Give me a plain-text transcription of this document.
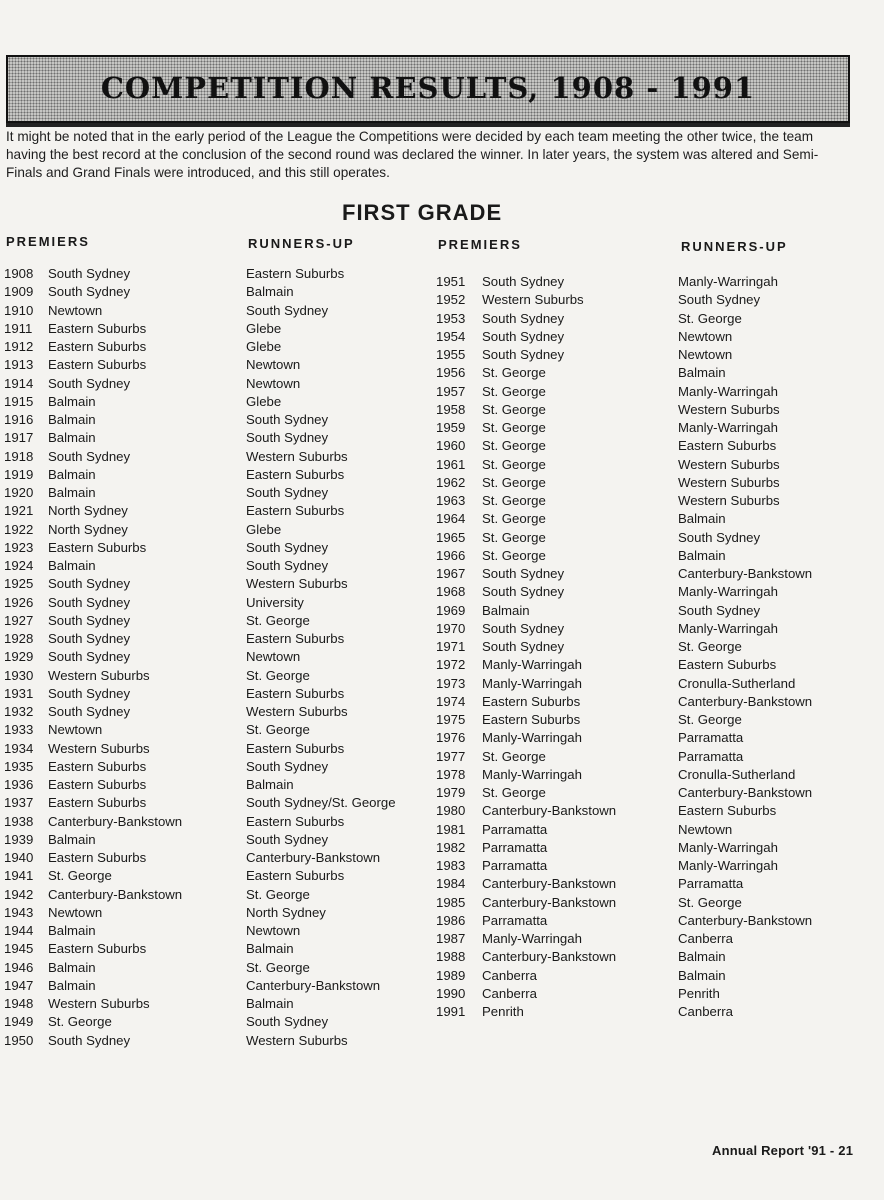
COMPETITION RESULTS, 1908 - 1991
It might be noted that in the early period of the League the Competitions were decided by each team meeting the other twice, the team having the best record at the conclusion of the second round was declared the winner. In later years, the system was altered and Semi-Finals and Grand Finals were introduced, and this still operates.
FIRST GRADE
PREMIERS	RUNNERS-UP	PREMIERS	RUNNERS-UP
1908 South Sydney	Eastern Suburbs
1909 South Sydney	Balmain
1910 Newtown	South Sydney
1911 Eastern Suburbs	Glebe
1912 Eastern Suburbs	Glebe
1913 Eastern Suburbs	Newtown
1914 South Sydney	Newtown
1915 Balmain	Glebe
1916 Balmain	South Sydney
1917 Balmain	South Sydney
1918 South Sydney	Western Suburbs
1919 Balmain	Eastern Suburbs
1920 Balmain	South Sydney
1921 North Sydney	Eastern Suburbs
1922 North Sydney	Glebe
1923 Eastern Suburbs	South Sydney
1924 Balmain	South Sydney
1925 South Sydney	Western Suburbs
1926 South Sydney	University
1927 South Sydney	St. George
1928 South Sydney	Eastern Suburbs
1929 South Sydney	Newtown
1930 Western Suburbs	St. George
1931 South Sydney	Eastern Suburbs
1932 South Sydney	Western Suburbs
1933 Newtown	St. George
1934 Western Suburbs	Eastern Suburbs
1935 Eastern Suburbs	South Sydney
1936 Eastern Suburbs	Balmain
1937 Eastern Suburbs	South Sydney/St. George
1938 Canterbury-Bankstown	Eastern Suburbs
1939 Balmain	South Sydney
1940 Eastern Suburbs	Canterbury-Bankstown
1941 St. George	Eastern Suburbs
1942 Canterbury-Bankstown	St. George
1943 Newtown	North Sydney
1944 Balmain	Newtown
1945 Eastern Suburbs	Balmain
1946 Balmain	St. George
1947 Balmain	Canterbury-Bankstown
1948 Western Suburbs	Balmain
1949 St. George	South Sydney
1950 South Sydney	Western Suburbs
1951 South Sydney	Manly-Warringah
1952 Western Suburbs	South Sydney
1953 South Sydney	St. George
1954 South Sydney	Newtown
1955 South Sydney	Newtown
1956 St. George	Balmain
1957 St. George	Manly-Warringah
1958 St. George	Western Suburbs
1959 St. George	Manly-Warringah
1960 St. George	Eastern Suburbs
1961 St. George	Western Suburbs
1962 St. George	Western Suburbs
1963 St. George	Western Suburbs
1964 St. George	Balmain
1965 St. George	South Sydney
1966 St. George	Balmain
1967 South Sydney	Canterbury-Bankstown
1968 South Sydney	Manly-Warringah
1969 Balmain	South Sydney
1970 South Sydney	Manly-Warringah
1971 South Sydney	St. George
1972 Manly-Warringah	Eastern Suburbs
1973 Manly-Warringah	Cronulla-Sutherland
1974 Eastern Suburbs	Canterbury-Bankstown
1975 Eastern Suburbs	St. George
1976 Manly-Warringah	Parramatta
1977 St. George	Parramatta
1978 Manly-Warringah	Cronulla-Sutherland
1979 St. George	Canterbury-Bankstown
1980 Canterbury-Bankstown	Eastern Suburbs
1981 Parramatta	Newtown
1982 Parramatta	Manly-Warringah
1983 Parramatta	Manly-Warringah
1984 Canterbury-Bankstown	Parramatta
1985 Canterbury-Bankstown	St. George
1986 Parramatta	Canterbury-Bankstown
1987 Manly-Warringah	Canberra
1988 Canterbury-Bankstown	Balmain
1989 Canberra	Balmain
1990 Canberra	Penrith
1991 Penrith	Canberra
Annual Report '91 - 21
